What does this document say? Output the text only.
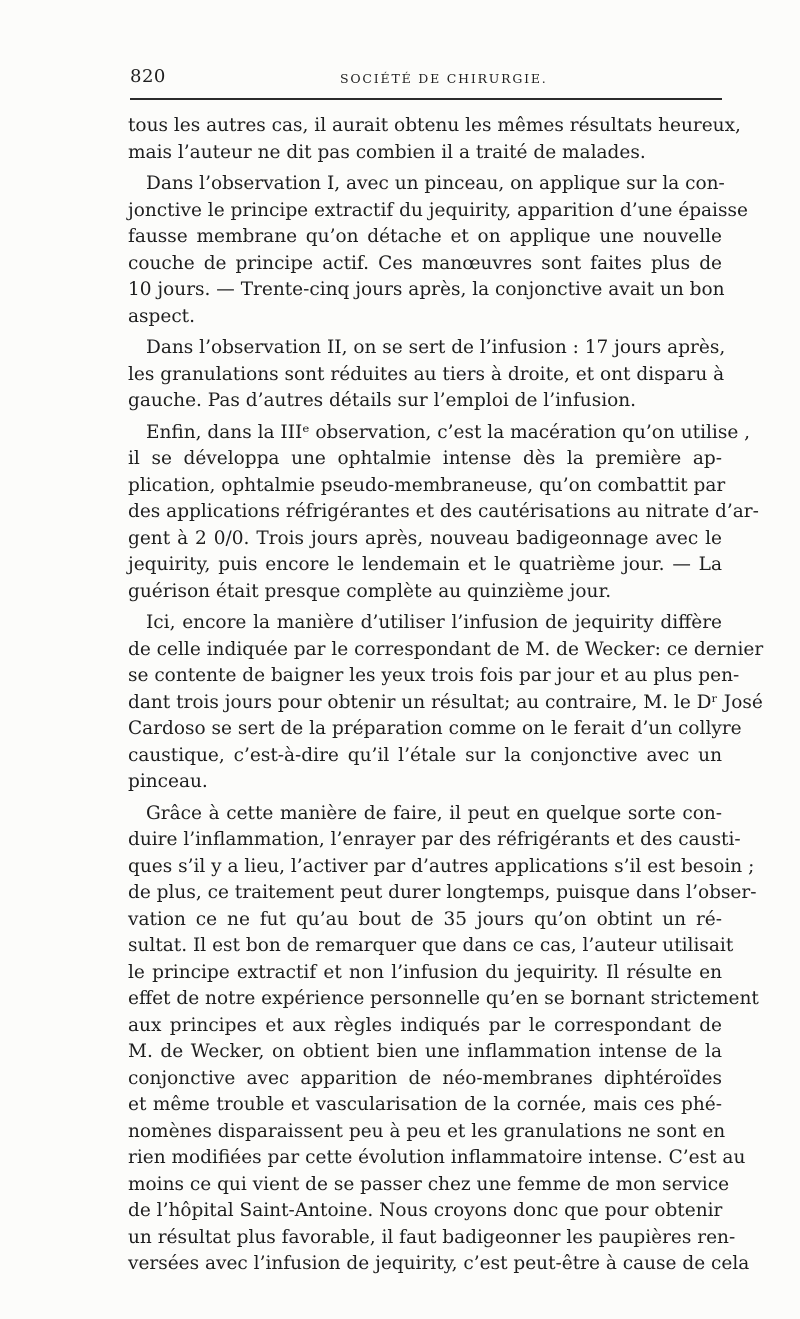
820	SOCIÉTÉ DE CHIRURGIE.
tous les autres cas, il aurait obtenu les mêmes résultats heureux,
mais l’auteur ne dit pas combien il a traité de malades.
Dans l’observation I, avec un pinceau, on applique sur la con-
jonctive le principe extractif du jequirity, apparition d’une épaisse
fausse membrane qu’on détache et on applique une nouvelle
couche de principe actif. Ces manœuvres sont faites plus de
10 jours. — Trente-cinq jours après, la conjonctive avait un bon
aspect.
Dans l’observation II, on se sert de l’infusion : 17 jours après,
les granulations sont réduites au tiers à droite, et ont disparu à
gauche. Pas d’autres détails sur l’emploi de l’infusion.
Enfin, dans la IIIᵉ observation, c’est la macération qu’on utilise ,
il se développa une ophtalmie intense dès la première ap-
plication, ophtalmie pseudo-membraneuse, qu’on combattit par
des applications réfrigérantes et des cautérisations au nitrate d’ar-
gent à 2 0/0. Trois jours après, nouveau badigeonnage avec le
jequirity, puis encore le lendemain et le quatrième jour. — La
guérison était presque complète au quinzième jour.
Ici, encore la manière d’utiliser l’infusion de jequirity diffère
de celle indiquée par le correspondant de M. de Wecker: ce dernier
se contente de baigner les yeux trois fois par jour et au plus pen-
dant trois jours pour obtenir un résultat; au contraire, M. le Dʳ José
Cardoso se sert de la préparation comme on le ferait d’un collyre
caustique, c’est-à-dire qu’il l’étale sur la conjonctive avec un
pinceau.
Grâce à cette manière de faire, il peut en quelque sorte con-
duire l’inflammation, l’enrayer par des réfrigérants et des causti-
ques s’il y a lieu, l’activer par d’autres applications s’il est besoin ;
de plus, ce traitement peut durer longtemps, puisque dans l’obser-
vation ce ne fut qu’au bout de 35 jours qu’on obtint un ré-
sultat. Il est bon de remarquer que dans ce cas, l’auteur utilisait
le principe extractif et non l’infusion du jequirity. Il résulte en
effet de notre expérience personnelle qu’en se bornant strictement
aux principes et aux règles indiqués par le correspondant de
M. de Wecker, on obtient bien une inflammation intense de la
conjonctive avec apparition de néo-membranes diphtéroïdes
et même trouble et vascularisation de la cornée, mais ces phé-
nomènes disparaissent peu à peu et les granulations ne sont en
rien modifiées par cette évolution inflammatoire intense. C’est au
moins ce qui vient de se passer chez une femme de mon service
de l’hôpital Saint-Antoine. Nous croyons donc que pour obtenir
un résultat plus favorable, il faut badigeonner les paupières ren-
versées avec l’infusion de jequirity, c’est peut-être à cause de cela
